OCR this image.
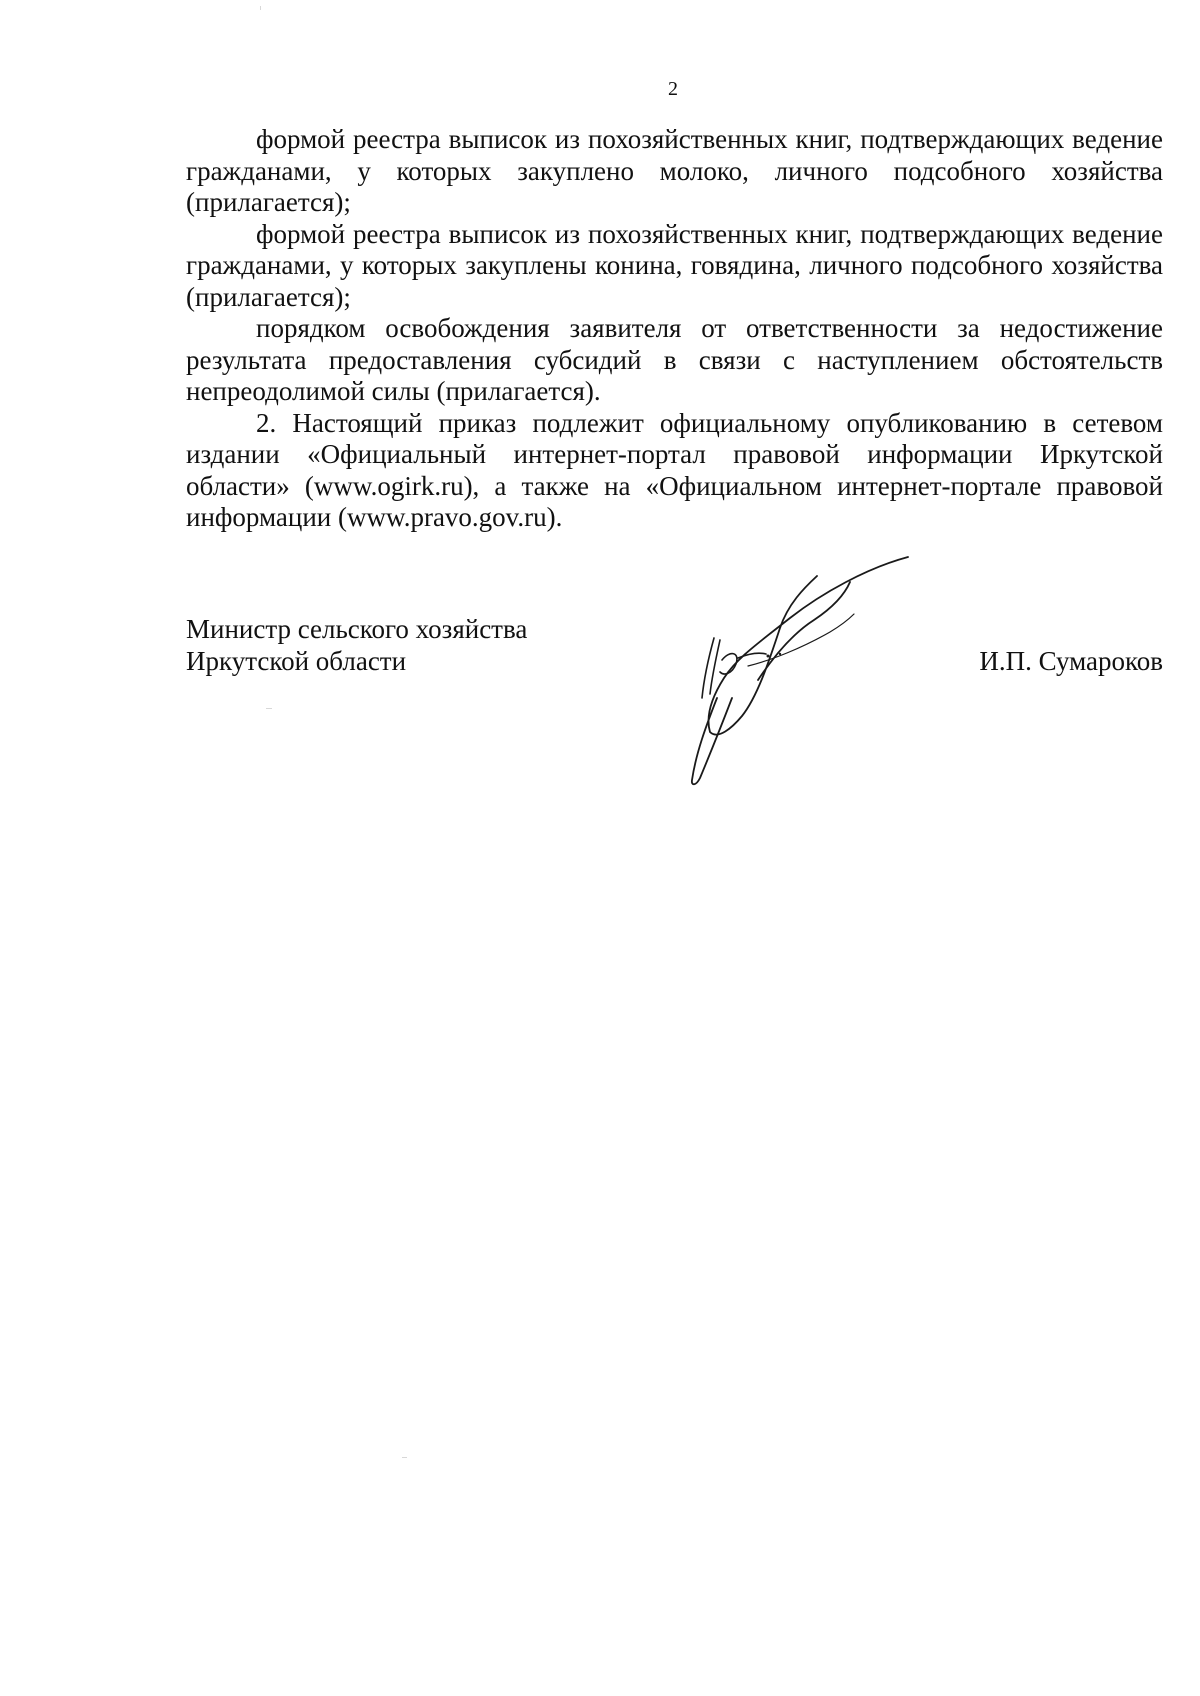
2

формой реестра выписок из похозяйственных книг, подтверждающих ведение гражданами, у которых закуплено молоко, личного подсобного хозяйства (прилагается);

формой реестра выписок из похозяйственных книг, подтверждающих ведение гражданами, у которых закуплены конина, говядина, личного подсобного хозяйства (прилагается);

порядком освобождения заявителя от ответственности за недостижение результата предоставления субсидий в связи с наступлением обстоятельств непреодолимой силы (прилагается).

2. Настоящий приказ подлежит официальному опубликованию в сетевом издании «Официальный интернет-портал правовой информации Иркутской области» (www.ogirk.ru), а также на «Официальном интернет-портале правовой информации (www.pravo.gov.ru).

Министр сельского хозяйства
Иркутской области	И.П. Сумароков
